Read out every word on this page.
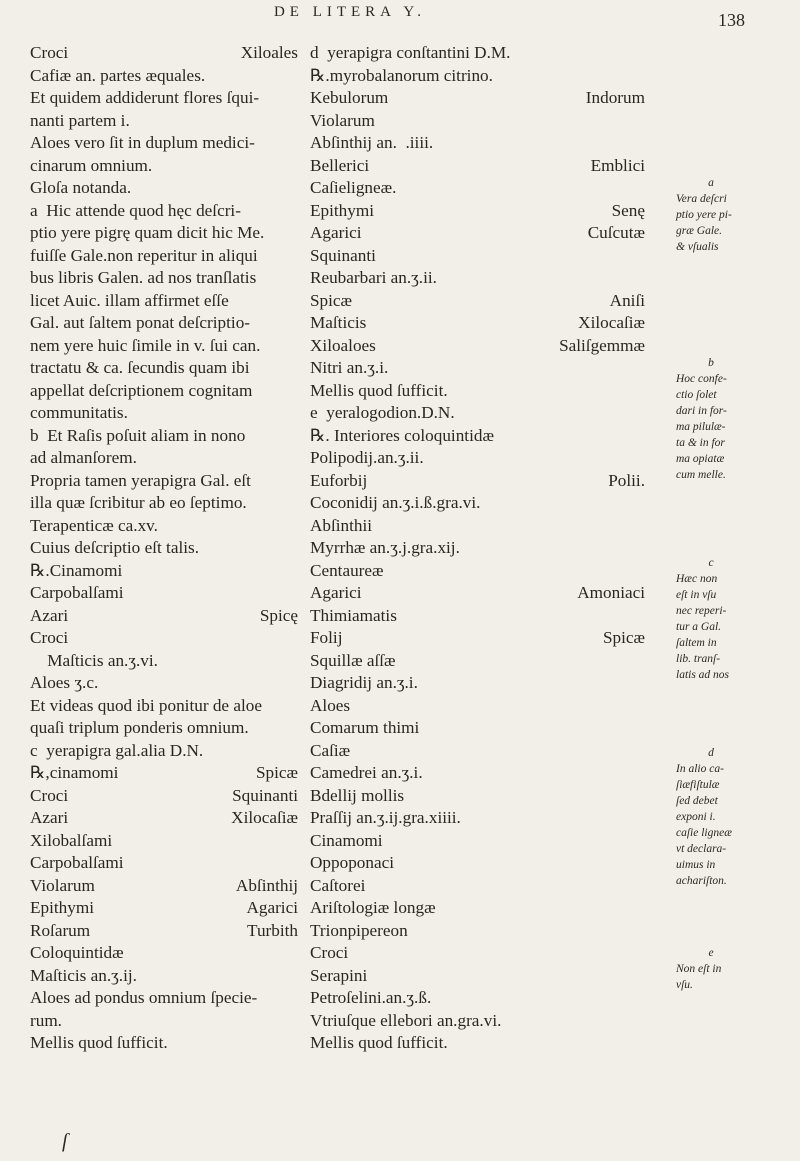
DE LITERA Y.	138
Croci	Xiloales
Cafiæ an. partes æquales.
Et quidem addiderunt flores ſqui-
nanti partem i.
Aloes vero ſit in duplum medici-
cinarum omnium.
Gloſa notanda.
a  Hic attende quod hęc deſcri-
ptio yere pigrę quam dicit hic Me.
fuiſſe Gale.non reperitur in aliqui
bus libris Galen. ad nos tranſlatis
licet Auic. illam affirmet eſſe
Gal. aut ſaltem ponat deſcriptio-
nem yere huic ſimile in v. ſui can.
tractatu & ca. ſecundis quam ibi
appellat deſcriptionem cognitam
communitatis.
b  Et Raſis poſuit aliam in nono
ad almanſorem.
Propria tamen yerapigra Gal. eſt
illa quæ ſcribitur ab eo ſeptimo.
Terapenticæ ca.xv.
Cuius deſcriptio eſt talis.
℞.Cinamomi
Carpobalſami
Azari	Spicę
Croci
Maſticis an.ʒ.vi.
Aloes ʒ.c.
Et videas quod ibi ponitur de aloe
quaſi triplum ponderis omnium.
c  yerapigra gal.alia D.N.
℞,cinamomi	Spicæ
Croci	Squinanti
Azari	Xilocaſiæ
Xilobalſami
Carpobalſami
Violarum	Abſinthij
Epithymi	Agarici
Roſarum	Turbith
Coloquintidæ
Maſticis an.ʒ.ij.
Aloes ad pondus omnium ſpecie-
rum.
Mellis quod ſufficit.
d  yerapigra conſtantini D.M.
℞.myrobalanorum citrino.
Kebulorum	Indorum
Violarum
Abſinthij an.  .iiii.
Bellerici	Emblici
Caſieligneæ.
Epithymi	Senę
Agarici	Cuſcutæ
Squinanti
Reubarbari an.ʒ.ii.
Spicæ	Aniſi
Maſticis	Xilocaſiæ
Xiloaloes	Saliſgemmæ
Nitri an.ʒ.i.
Mellis quod ſufficit.
e  yeralogodion.D.N.
℞. Interiores coloquintidæ
Polipodij.an.ʒ.ii.
Euforbij	Polii.
Coconidij an.ʒ.i.ß.gra.vi.
Abſinthii
Myrrhæ an.ʒ.j.gra.xij.
Centaureæ
Agarici	Amoniaci
Thimiamatis
Folij	Spicæ
Squillæ aſſæ
Diagridij an.ʒ.i.
Aloes
Comarum thimi
Caſiæ
Camedrei an.ʒ.i.
Bdellij mollis
Praſſij an.ʒ.ij.gra.xiiii.
Cinamomi
Oppoponaci
Caſtorei
Ariſtologiæ longæ
Trionpipereon
Croci
Serapini
Petroſelini.an.ʒ.ß.
Vtriuſque ellebori an.gra.vi.
Mellis quod ſufficit.
a
Vera deſcri
ptio yere pi-
græ Gale.
& vſualis
b
Hoc confe-
ctio ſolet
dari in for-
ma pilulæ-
ta & in for
ma opiatæ
cum melle.
c
Hæc non
eſt in vſu
nec reperi-
tur a Gal.
ſaltem in
lib. tranſ-
latis ad nos
d
In alio ca-
ſiæfiſtulæ
ſed debet
exponi i.
caſie ligneæ
vt declara-
uimus in
achariſton.
e
Non eſt in
vſu.
ſ
